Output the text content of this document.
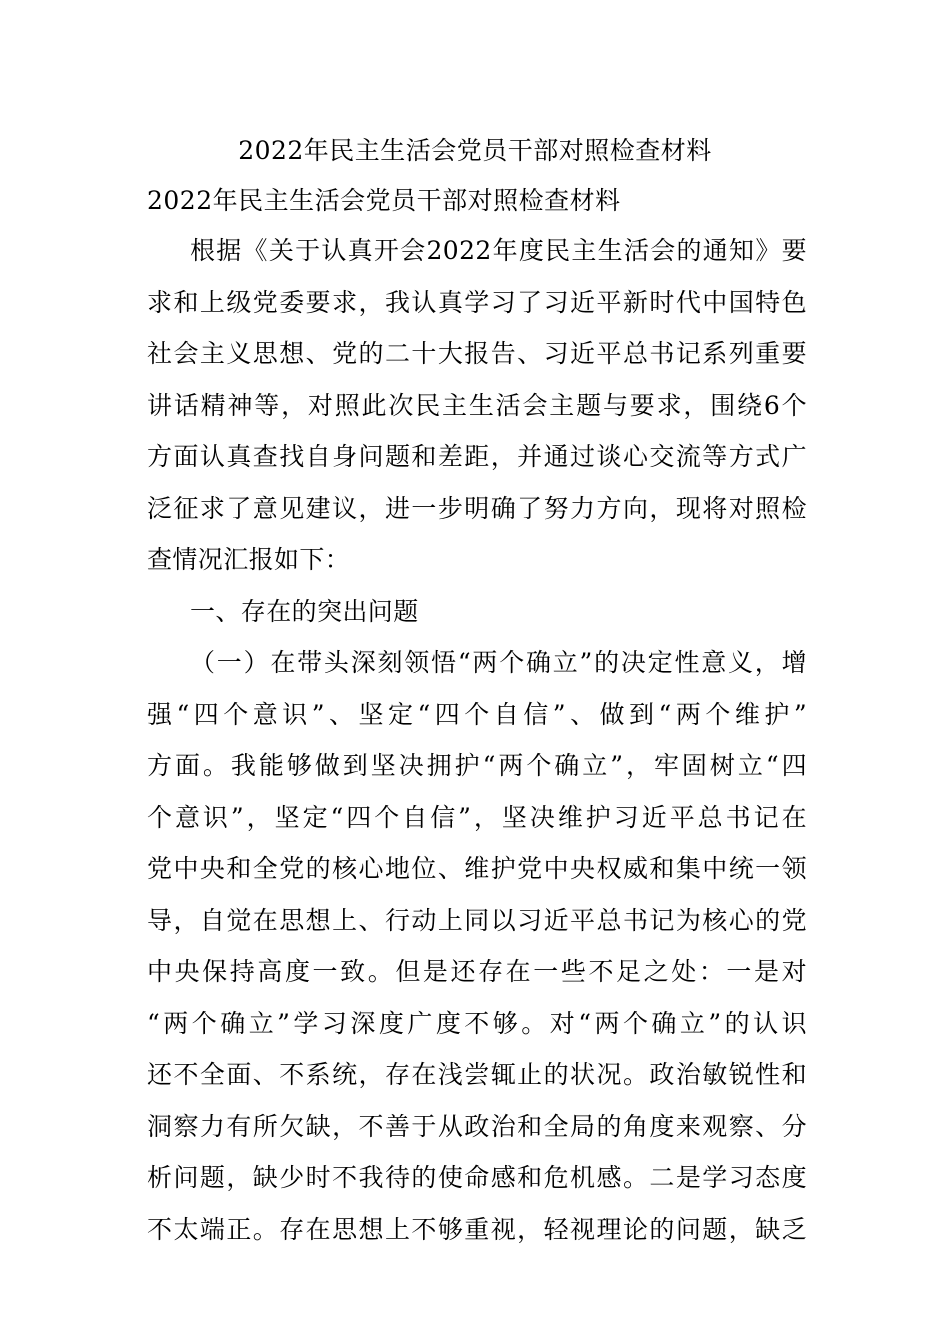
2022年民主生活会党员干部对照检查材料
2022年民主生活会党员干部对照检查材料
根据《关于认真开会2022年度民主生活会的通知》要
求和上级党委要求，我认真学习了习近平新时代中国特色
社会主义思想、党的二十大报告、习近平总书记系列重要
讲话精神等，对照此次民主生活会主题与要求，围绕6个
方面认真查找自身问题和差距，并通过谈心交流等方式广
泛征求了意见建议，进一步明确了努力方向，现将对照检
查情况汇报如下：
一、存在的突出问题
（一）在带头深刻领悟“两个确立”的决定性意义，增
强“四个意识”、坚定“四个自信”、做到“两个维护”
方面。我能够做到坚决拥护“两个确立”，牢固树立“四
个意识”，坚定“四个自信”，坚决维护习近平总书记在
党中央和全党的核心地位、维护党中央权威和集中统一领
导，自觉在思想上、行动上同以习近平总书记为核心的党
中央保持高度一致。但是还存在一些不足之处：一是对
“两个确立”学习深度广度不够。对“两个确立”的认识
还不全面、不系统，存在浅尝辄止的状况。政治敏锐性和
洞察力有所欠缺，不善于从政治和全局的角度来观察、分
析问题，缺少时不我待的使命感和危机感。二是学习态度
不太端正。存在思想上不够重视，轻视理论的问题，缺乏
